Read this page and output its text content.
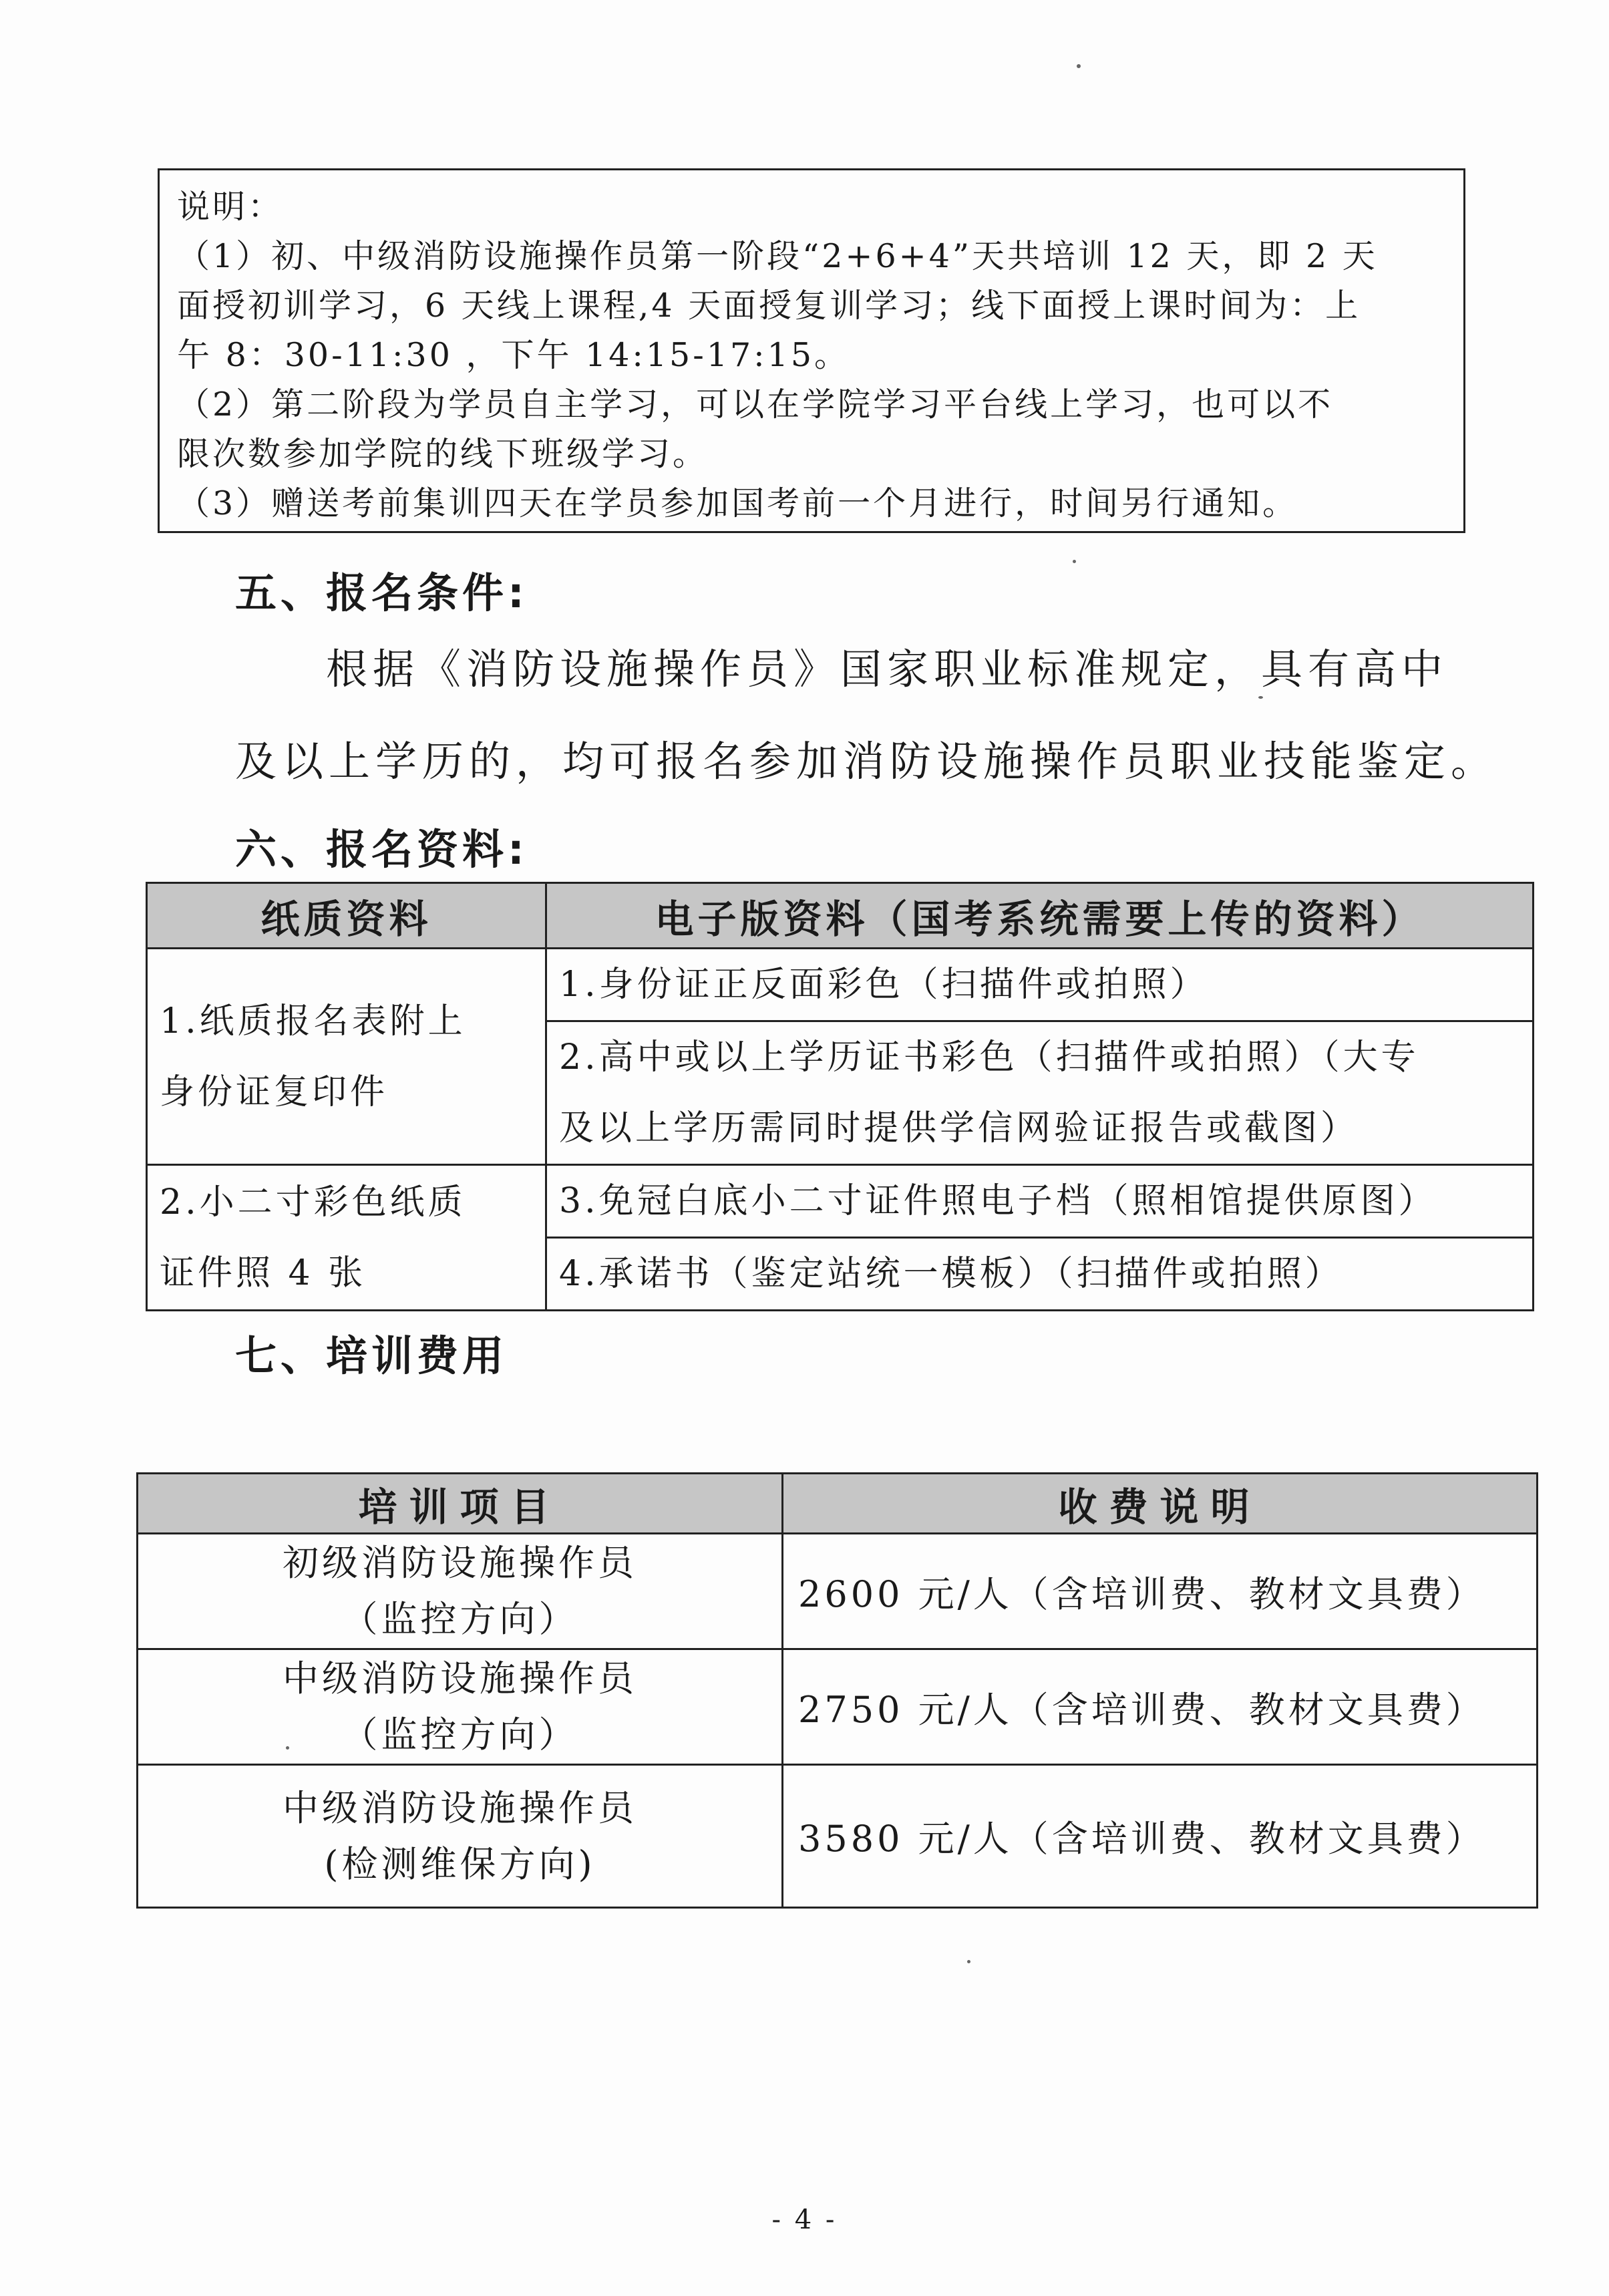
说明：

（1）初、中级消防设施操作员第一阶段“2+6+4”天共培训 12 天，即 2 天

面授初训学习，6 天线上课程,4 天面授复训学习；线下面授上课时间为：上

午 8：30-11:30 ，下午 14:15-17:15。

（2）第二阶段为学员自主学习，可以在学院学习平台线上学习，也可以不

限次数参加学院的线下班级学习。

（3）赠送考前集训四天在学员参加国考前一个月进行，时间另行通知。

五、报名条件:

根据《消防设施操作员》国家职业标准规定，具有高中

及以上学历的，均可报名参加消防设施操作员职业技能鉴定。

六、报名资料:
纸质资料	电子版资料（国考系统需要上传的资料）

1.纸质报名表附上
身份证复印件	1.身份证正反面彩色（扫描件或拍照）

	2.高中或以上学历证书彩色（扫描件或拍照）（大专
及以上学历需同时提供学信网验证报告或截图）

2.小二寸彩色纸质
证件照 4 张	3.免冠白底小二寸证件照电子档（照相馆提供原图）
	4.承诺书（鉴定站统一模板）（扫描件或拍照）
七、培训费用
培训项目	收费说明

初级消防设施操作员
（监控方向）	2600 元/人（含培训费、教材文具费）

中级消防设施操作员
（监控方向）	2750 元/人（含培训费、教材文具费）

中级消防设施操作员
(检测维保方向)	3580 元/人（含培训费、教材文具费）
- 4 -
